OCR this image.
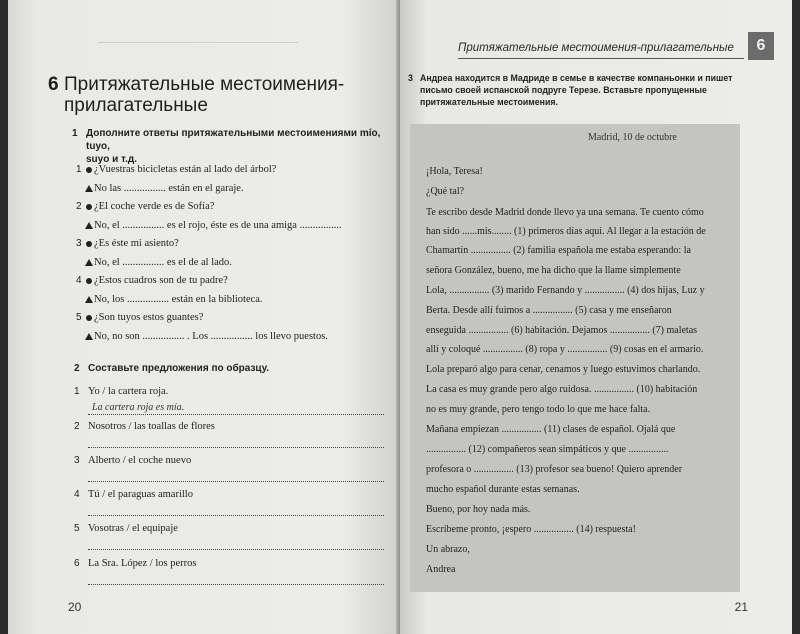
6 Притяжательные местоимения-
прилагательные
1 Дополните ответы притяжательными местоимениями mío, tuyo,
suyo и т.д.
1 ¿Vuestras bicicletas están al lado del árbol?
No las ................ están en el garaje.
2 ¿El coche verde es de Sofía?
No, el ................ es el rojo, éste es de una amiga ................
3 ¿Es éste mi asiento?
No, el ................ es el de al lado.
4 ¿Estos cuadros son de tu padre?
No, los ................ están en la biblioteca.
5 ¿Son tuyos estos guantes?
No, no son ................ . Los ................ los llevo puestos.
2 Составьте предложения по образцу.
1 Yo / la cartera roja.
La cartera roja es mía.
2 Nosotros / las toallas de flores
3 Alberto / el coche nuevo
4 Tú / el paraguas amarillo
5 Vosotras / el equipaje
6 La Sra. López / los perros
20
Притяжательные местоимения-прилагательные	6
3 Андреа находится в Мадриде в семье в качестве компаньонки и пишет
письмо своей испанской подруге Терезе. Вставьте пропущенные
притяжательные местоимения.
Madrid, 10 de octubre
¡Hola, Teresa!
¿Qué tal?
Te escribo desde Madrid donde llevo ya una semana. Te cuento cómo
han sido ......mis........ (1) primeros días aquí. Al llegar a la estación de
Chamartín ................ (2) familia española me estaba esperando: la
señora González, bueno, me ha dicho que la llame simplemente
Lola, ................ (3) marido Fernando y ................ (4) dos hijas, Luz y
Berta. Desde allí fuimos a ................ (5) casa y me enseñaron
enseguida ................ (6) habitación. Dejamos ................ (7) maletas
allí y coloqué ................ (8) ropa y ................ (9) cosas en el armario.
Lola preparó algo para cenar, cenamos y luego estuvimos charlando.
La casa es muy grande pero algo ruidosa. ................ (10) habitación
no es muy grande, pero tengo todo lo que me hace falta.
Mañana empiezan ................ (11) clases de español. Ojalá que
................ (12) compañeros sean simpáticos y que ................
profesora o ................ (13) profesor sea bueno! Quiero aprender
mucho español durante estas semanas.
Bueno, por hoy nada más.
Escríbeme pronto, ¡espero ................ (14) respuesta!
Un abrazo,
Andrea
21
